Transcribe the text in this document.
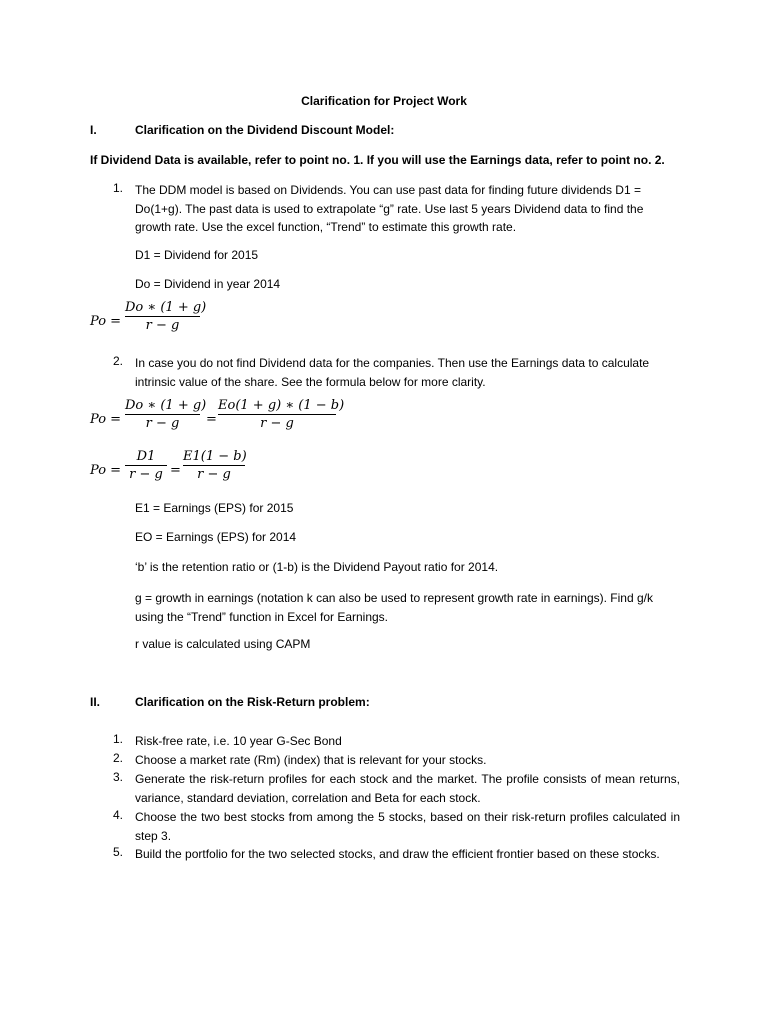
Clarification for Project Work
I.	Clarification on the Dividend Discount Model:
If Dividend Data is available, refer to point no. 1. If you will use the Earnings data, refer to point no. 2.
1. The DDM model is based on Dividends. You can use past data for finding future dividends D1 = Do(1+g). The past data is used to extrapolate “g” rate. Use last 5 years Dividend data to find the growth rate. Use the excel function, “Trend” to estimate this growth rate.
D1 = Dividend for 2015
Do = Dividend in year 2014
Po =
Do ∗ (1 + g)
r − g
2. In case you do not find Dividend data for the companies. Then use the Earnings data to calculate intrinsic value of the share. See the formula below for more clarity.
Po =
Do ∗ (1 + g)
r − g	=
Eo(1 + g) ∗ (1 − b)
r − g
Po =
D1
r − g =
E1(1 − b)
r − g
E1 = Earnings (EPS) for 2015
EO = Earnings (EPS) for 2014
‘b’ is the retention ratio or (1-b) is the Dividend Payout ratio for 2014.
g = growth in earnings (notation k can also be used to represent growth rate in earnings). Find g/k using the “Trend” function in Excel for Earnings.
r value is calculated using CAPM
II.	Clarification on the Risk-Return problem:
1. Risk-free rate, i.e. 10 year G-Sec Bond
2. Choose a market rate (Rm) (index) that is relevant for your stocks.
3. Generate the risk-return profiles for each stock and the market. The profile consists of mean returns, variance, standard deviation, correlation and Beta for each stock.
4. Choose the two best stocks from among the 5 stocks, based on their risk-return profiles calculated in step 3.
5. Build the portfolio for the two selected stocks, and draw the efficient frontier based on these stocks.
